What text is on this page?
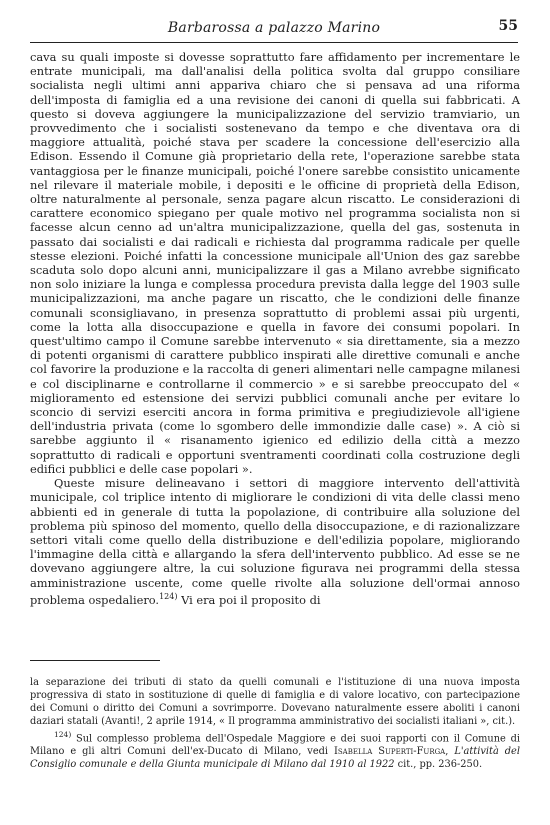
Barbarossa a palazzo Marino	55

cava su quali imposte si dovesse soprattutto fare affidamento per incrementare le entrate municipali, ma dall'analisi della politica svolta dal gruppo consiliare socialista negli ultimi anni appariva chiaro che si pensava ad una riforma dell'imposta di famiglia ed a una revisione dei canoni di quella sui fabbricati. A questo si doveva aggiungere la municipalizzazione del servizio tramviario, un provvedimento che i socialisti sostenevano da tempo e che diventava ora di maggiore attualità, poiché stava per scadere la concessione dell'esercizio alla Edison. Essendo il Comune già proprietario della rete, l'operazione sarebbe stata vantaggiosa per le finanze municipali, poiché l'onere sarebbe consistito unicamente nel rilevare il materiale mobile, i depositi e le officine di proprietà della Edison, oltre naturalmente al personale, senza pagare alcun riscatto. Le considerazioni di carattere economico spiegano per quale motivo nel programma socialista non si facesse alcun cenno ad un'altra municipalizzazione, quella del gas, sostenuta in passato dai socialisti e dai radicali e richiesta dal programma radicale per quelle stesse elezioni. Poiché infatti la concessione municipale all'Union des gaz sarebbe scaduta solo dopo alcuni anni, municipalizzare il gas a Milano avrebbe significato non solo iniziare la lunga e complessa procedura prevista dalla legge del 1903 sulle municipalizzazioni, ma anche pagare un riscatto, che le condizioni delle finanze comunali sconsigliavano, in presenza soprattutto di problemi assai più urgenti, come la lotta alla disoccupazione e quella in favore dei consumi popolari. In quest'ultimo campo il Comune sarebbe intervenuto « sia direttamente, sia a mezzo di potenti organismi di carattere pubblico inspirati alle direttive comunali e anche col favorire la produzione e la raccolta di generi alimentari nelle campagne milanesi e col disciplinarne e controllarne il commercio » e si sarebbe preoccupato del « miglioramento ed estensione dei servizi pubblici comunali anche per evitare lo sconcio di servizi eserciti ancora in forma primitiva e pregiudizievole all'igiene dell'industria privata (come lo sgombero delle immondizie dalle case) ». A ciò si sarebbe aggiunto il « risanamento igienico ed edilizio della città a mezzo soprattutto di radicali e opportuni sventramenti coordinati colla costruzione degli edifici pubblici e delle case popolari ».

Queste misure delineavano i settori di maggiore intervento dell'attività municipale, col triplice intento di migliorare le condizioni di vita delle classi meno abbienti ed in generale di tutta la popolazione, di contribuire alla soluzione del problema più spinoso del momento, quello della disoccupazione, e di razionalizzare settori vitali come quello della distribuzione e dell'edilizia popolare, migliorando l'immagine della città e allargando la sfera dell'intervento pubblico. Ad esse se ne dovevano aggiungere altre, la cui soluzione figurava nei programmi della stessa amministrazione uscente, come quelle rivolte alla soluzione dell'ormai annoso problema ospedaliero.$^{124)}$ Vi era poi il proposito di

la separazione dei tributi di stato da quelli comunali e l'istituzione di una nuova imposta progressiva di stato in sostituzione di quelle di famiglia e di valore locativo, con partecipazione dei Comuni o diritto dei Comuni a sovrimporre. Dovevano naturalmente essere aboliti i canoni daziari statali (Avanti!, 2 aprile 1914, « Il programma amministrativo dei socialisti italiani », cit.).

$^{124)}$ Sul complesso problema dell'Ospedale Maggiore e dei suoi rapporti con il Comune di Milano e gli altri Comuni dell'ex-Ducato di Milano, vedi Isabella Superti-Furga, L'attività del Consiglio comunale e della Giunta municipale di Milano dal 1910 al 1922 cit., pp. 236-250.
